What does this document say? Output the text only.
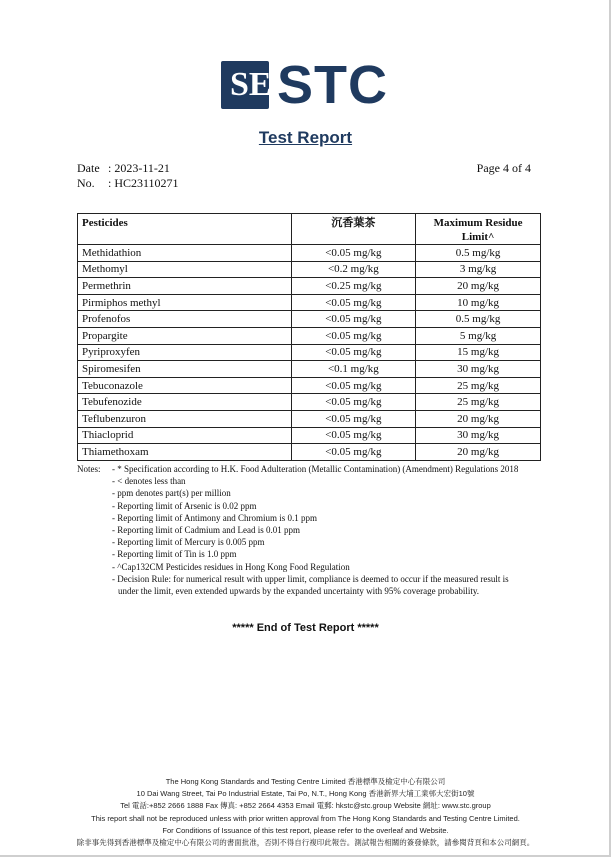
SE STC
Test Report
Date : 2023-11-21
No. : HC23110271
Page 4 of 4
Pesticides	沉香葉茶	Maximum Residue Limit^
Methidathion	<0.05 mg/kg	0.5 mg/kg
Methomyl	<0.2 mg/kg	3 mg/kg
Permethrin	<0.25 mg/kg	20 mg/kg
Pirmiphos methyl	<0.05 mg/kg	10 mg/kg
Profenofos	<0.05 mg/kg	0.5 mg/kg
Propargite	<0.05 mg/kg	5 mg/kg
Pyriproxyfen	<0.05 mg/kg	15 mg/kg
Spiromesifen	<0.1 mg/kg	30 mg/kg
Tebuconazole	<0.05 mg/kg	25 mg/kg
Tebufenozide	<0.05 mg/kg	25 mg/kg
Teflubenzuron	<0.05 mg/kg	20 mg/kg
Thiacloprid	<0.05 mg/kg	30 mg/kg
Thiamethoxam	<0.05 mg/kg	20 mg/kg
Notes: - * Specification according to H.K. Food Adulteration (Metallic Contamination) (Amendment) Regulations 2018
- < denotes less than
- ppm denotes part(s) per million
- Reporting limit of Arsenic is 0.02 ppm
- Reporting limit of Antimony and Chromium is 0.1 ppm
- Reporting limit of Cadmium and Lead is 0.01 ppm
- Reporting limit of Mercury is 0.005 ppm
- Reporting limit of Tin is 1.0 ppm
- ^Cap132CM Pesticides residues in Hong Kong Food Regulation
- Decision Rule: for numerical result with upper limit, compliance is deemed to occur if the measured result is
under the limit, even extended upwards by the expanded uncertainty with 95% coverage probability.
***** End of Test Report *****
The Hong Kong Standards and Testing Centre Limited 香港標準及檢定中心有限公司
10 Dai Wang Street, Tai Po Industrial Estate, Tai Po, N.T., Hong Kong 香港新界大埔工業邨大宏街10號
Tel 電話:+852 2666 1888 Fax 傳真: +852 2664 4353 Email 電郵: hkstc@stc.group Website 網址: www.stc.group
This report shall not be reproduced unless with prior written approval from The Hong Kong Standards and Testing Centre Limited.
For Conditions of Issuance of this test report, please refer to the overleaf and Website.
除非事先得到香港標準及檢定中心有限公司的書面批准，否則不得自行複印此報告。測試報告相關的簽發條款，請參閱背頁和本公司網頁。
